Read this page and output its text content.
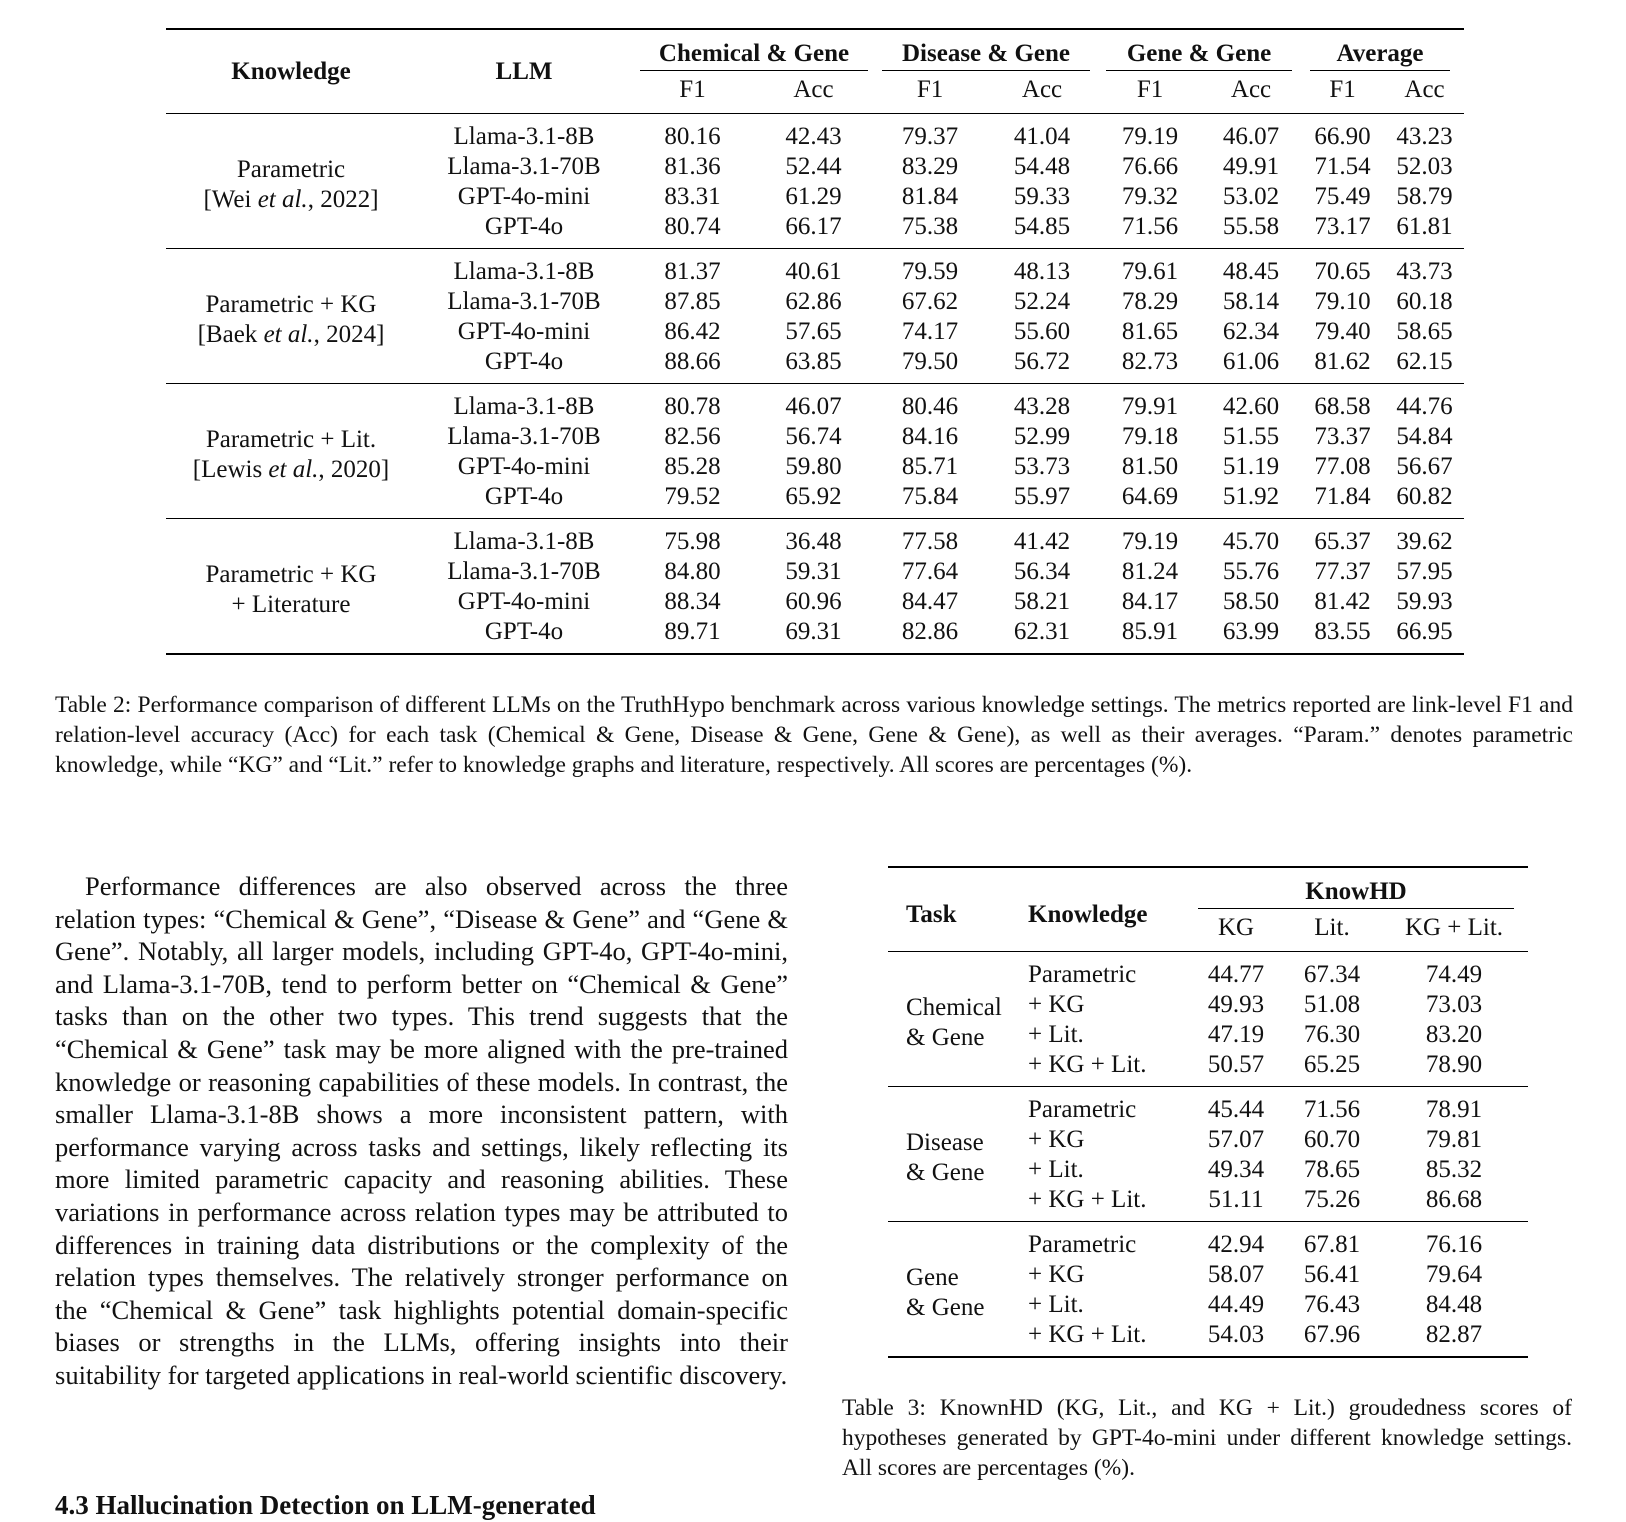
Knowledge	LLM	Chemical & Gene		Disease & Gene		Gene & Gene		Average	

		F1	Acc	F1	Acc	F1	Acc	F1	Acc

Parametric
[Wei et al., 2022]	Llama-3.1-8B	80.16	42.43	79.37	41.04	79.19	46.07	66.90	43.23
	Llama-3.1-70B	81.36	52.44	83.29	54.48	76.66	49.91	71.54	52.03
	GPT-4o-mini	83.31	61.29	81.84	59.33	79.32	53.02	75.49	58.79
	GPT-4o	80.74	66.17	75.38	54.85	71.56	55.58	73.17	61.81

Parametric + KG
[Baek et al., 2024]	Llama-3.1-8B	81.37	40.61	79.59	48.13	79.61	48.45	70.65	43.73
	Llama-3.1-70B	87.85	62.86	67.62	52.24	78.29	58.14	79.10	60.18
	GPT-4o-mini	86.42	57.65	74.17	55.60	81.65	62.34	79.40	58.65
	GPT-4o	88.66	63.85	79.50	56.72	82.73	61.06	81.62	62.15

Parametric + Lit.
[Lewis et al., 2020]	Llama-3.1-8B	80.78	46.07	80.46	43.28	79.91	42.60	68.58	44.76
	Llama-3.1-70B	82.56	56.74	84.16	52.99	79.18	51.55	73.37	54.84
	GPT-4o-mini	85.28	59.80	85.71	53.73	81.50	51.19	77.08	56.67
	GPT-4o	79.52	65.92	75.84	55.97	64.69	51.92	71.84	60.82

Parametric + KG
+ Literature	Llama-3.1-8B	75.98	36.48	77.58	41.42	79.19	45.70	65.37	39.62
	Llama-3.1-70B	84.80	59.31	77.64	56.34	81.24	55.76	77.37	57.95
	GPT-4o-mini	88.34	60.96	84.47	58.21	84.17	58.50	81.42	59.93
	GPT-4o	89.71	69.31	82.86	62.31	85.91	63.99	83.55	66.95
Table 2: Performance comparison of different LLMs on the TruthHypo benchmark across various knowledge settings. The metrics reported are link-level F1 and relation-level accuracy (Acc) for each task (Chemical & Gene, Disease & Gene, Gene & Gene), as well as their averages. “Param.” denotes parametric knowledge, while “KG” and “Lit.” refer to knowledge graphs and literature, respectively. All scores are percentages (%).
Performance differences are also observed across the three relation types: “Chemical & Gene”, “Disease & Gene” and “Gene & Gene”. Notably, all larger models, including GPT-4o, GPT-4o-mini, and Llama-3.1-70B, tend to perform better on “Chemical & Gene” tasks than on the other two types. This trend suggests that the “Chemical & Gene” task may be more aligned with the pre-trained knowledge or reasoning capabilities of these models. In contrast, the smaller Llama-3.1-8B shows a more inconsistent pattern, with performance varying across tasks and settings, likely reflecting its more limited parametric capacity and reasoning abilities. These variations in performance across relation types may be attributed to differences in training data distributions or the complexity of the relation types themselves. The relatively stronger performance on the “Chemical & Gene” task highlights potential domain-specific biases or strengths in the LLMs, offering insights into their suitability for targeted applications in real-world scientific discovery.
Task	Knowledge	KnowHD		

		KG	Lit.	KG + Lit.

Chemical
& Gene	Parametric	44.77	67.34	74.49
	+ KG	49.93	51.08	73.03
	+ Lit.	47.19	76.30	83.20
	+ KG + Lit.	50.57	65.25	78.90

Disease
& Gene	Parametric	45.44	71.56	78.91
	+ KG	57.07	60.70	79.81
	+ Lit.	49.34	78.65	85.32
	+ KG + Lit.	51.11	75.26	86.68

Gene
& Gene	Parametric	42.94	67.81	76.16
	+ KG	58.07	56.41	79.64
	+ Lit.	44.49	76.43	84.48
	+ KG + Lit.	54.03	67.96	82.87
Table 3: KnownHD (KG, Lit., and KG + Lit.) groudedness scores of hypotheses generated by GPT-4o-mini under different knowledge settings. All scores are percentages (%).
4.3 Hallucination Detection on LLM-generated
